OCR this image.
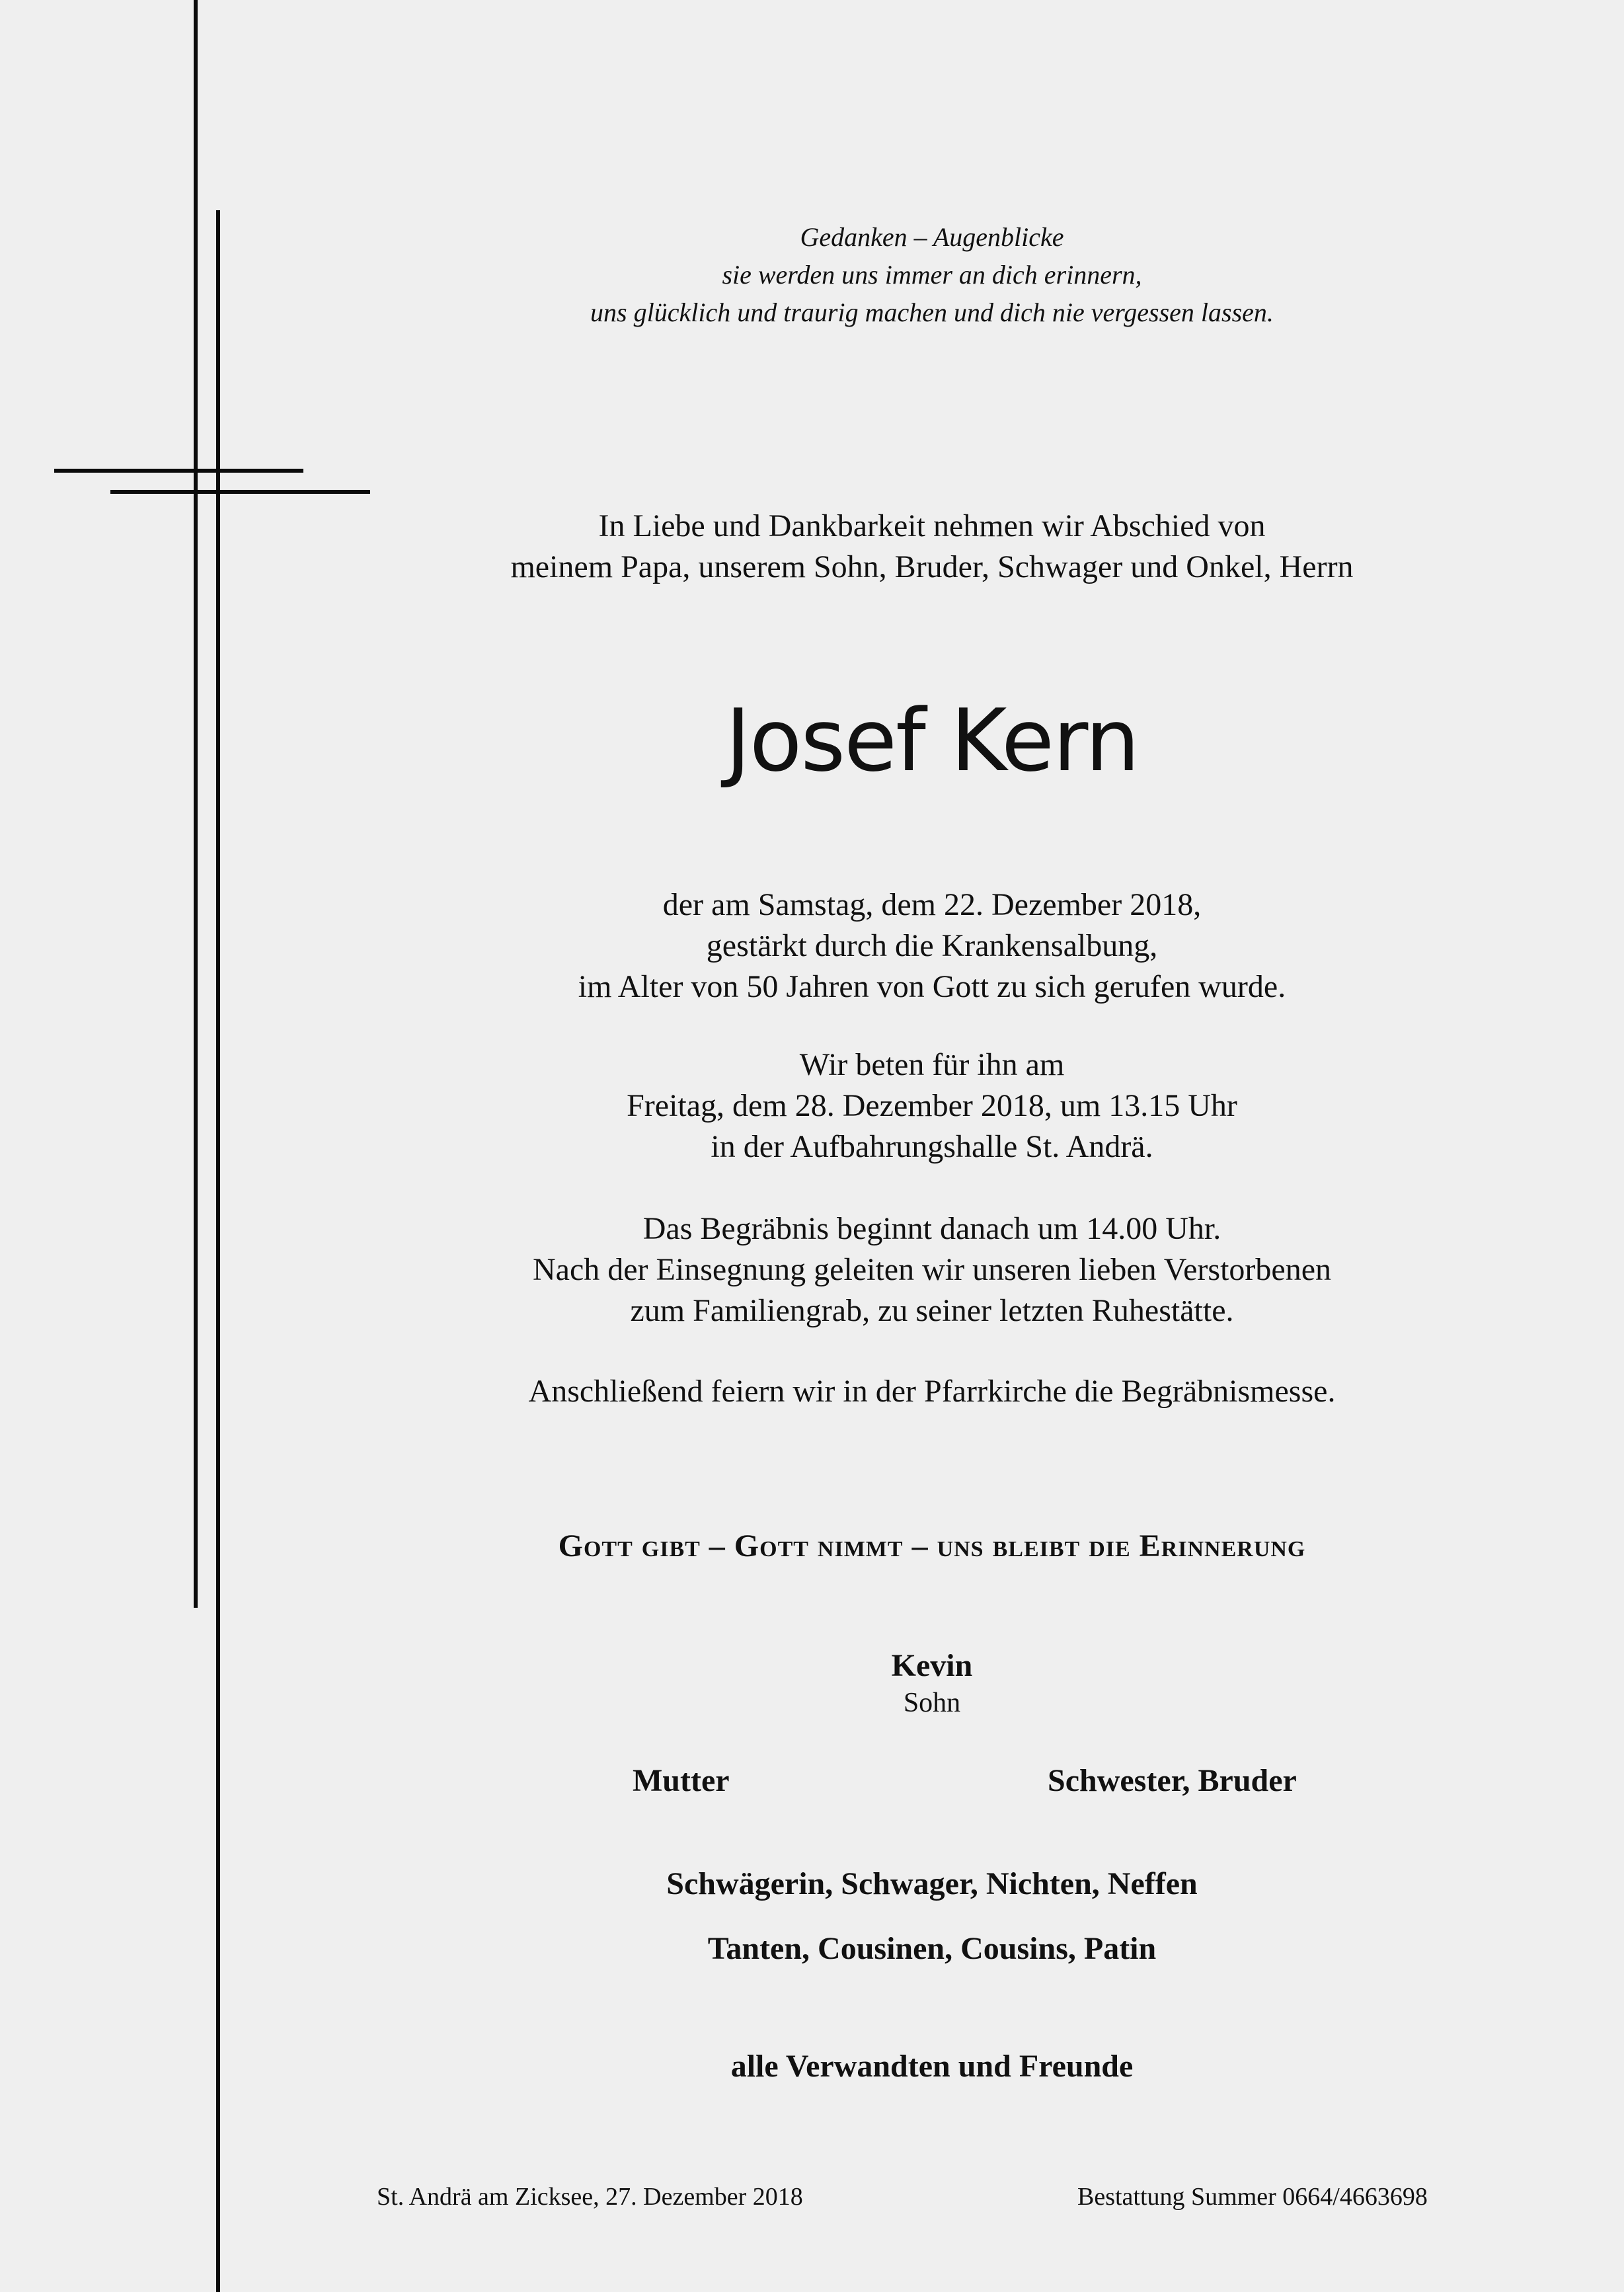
Gedanken – Augenblicke
sie werden uns immer an dich erinnern,
uns glücklich und traurig machen und dich nie vergessen lassen.
In Liebe und Dankbarkeit nehmen wir Abschied von
meinem Papa, unserem Sohn, Bruder, Schwager und Onkel, Herrn
Josef Kern
der am Samstag, dem 22. Dezember 2018,
gestärkt durch die Krankensalbung,
im Alter von 50 Jahren von Gott zu sich gerufen wurde.
Wir beten für ihn am
Freitag, dem 28. Dezember 2018, um 13.15 Uhr
in der Aufbahrungshalle St. Andrä.
Das Begräbnis beginnt danach um 14.00 Uhr.
Nach der Einsegnung geleiten wir unseren lieben Verstorbenen
zum Familiengrab, zu seiner letzten Ruhestätte.
Anschließend feiern wir in der Pfarrkirche die Begräbnismesse.
Gott gibt – Gott nimmt – uns bleibt die Erinnerung
Kevin
Sohn
Mutter	Schwester, Bruder
Schwägerin, Schwager, Nichten, Neffen
Tanten, Cousinen, Cousins, Patin
alle Verwandten und Freunde
St. Andrä am Zicksee, 27. Dezember 2018	Bestattung Summer 0664/4663698
